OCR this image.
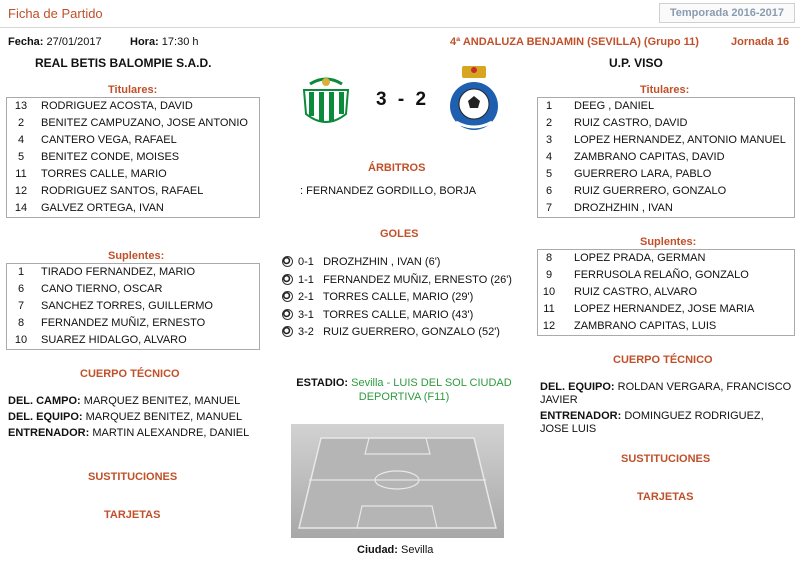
Ficha de Partido	Temporada 2016-2017
Fecha: 27/01/2017	Hora: 17:30 h	4ª ANDALUZA BENJAMIN (SEVILLA) (Grupo 11)	Jornada 16
REAL BETIS BALOMPIE S.A.D.	U.P. VISO
Titulares:
13	RODRIGUEZ ACOSTA, DAVID
2	BENITEZ CAMPUZANO, JOSE ANTONIO
4	CANTERO VEGA, RAFAEL
5	BENITEZ CONDE, MOISES
11	TORRES CALLE, MARIO
12	RODRIGUEZ SANTOS, RAFAEL
14	GALVEZ ORTEGA, IVAN
Suplentes:
1	TIRADO FERNANDEZ, MARIO
6	CANO TIERNO, OSCAR
7	SANCHEZ TORRES, GUILLERMO
8	FERNANDEZ MUÑIZ, ERNESTO
10	SUAREZ HIDALGO, ALVARO
CUERPO TÉCNICO
DEL. CAMPO: MARQUEZ BENITEZ, MANUEL
DEL. EQUIPO: MARQUEZ BENITEZ, MANUEL
ENTRENADOR: MARTIN ALEXANDRE, DANIEL
SUSTITUCIONES
TARJETAS
3 - 2
ÁRBITROS
: FERNANDEZ GORDILLO, BORJA
GOLES
0-1 DROZHZHIN , IVAN (6')
1-1 FERNANDEZ MUÑIZ, ERNESTO (26')
2-1 TORRES CALLE, MARIO (29')
3-1 TORRES CALLE, MARIO (43')
3-2 RUIZ GUERRERO, GONZALO (52')
ESTADIO: Sevilla - LUIS DEL SOL CIUDAD DEPORTIVA (F11)
Ciudad: Sevilla
Titulares:
1	DEEG , DANIEL
2	RUIZ CASTRO, DAVID
3	LOPEZ HERNANDEZ, ANTONIO MANUEL
4	ZAMBRANO CAPITAS, DAVID
5	GUERRERO LARA, PABLO
6	RUIZ GUERRERO, GONZALO
7	DROZHZHIN , IVAN
Suplentes:
8	LOPEZ PRADA, GERMAN
9	FERRUSOLA RELAÑO, GONZALO
10	RUIZ CASTRO, ALVARO
11	LOPEZ HERNANDEZ, JOSE MARIA
12	ZAMBRANO CAPITAS, LUIS
CUERPO TÉCNICO
DEL. EQUIPO: ROLDAN VERGARA, FRANCISCO JAVIER
ENTRENADOR: DOMINGUEZ RODRIGUEZ, JOSE LUIS
SUSTITUCIONES
TARJETAS
